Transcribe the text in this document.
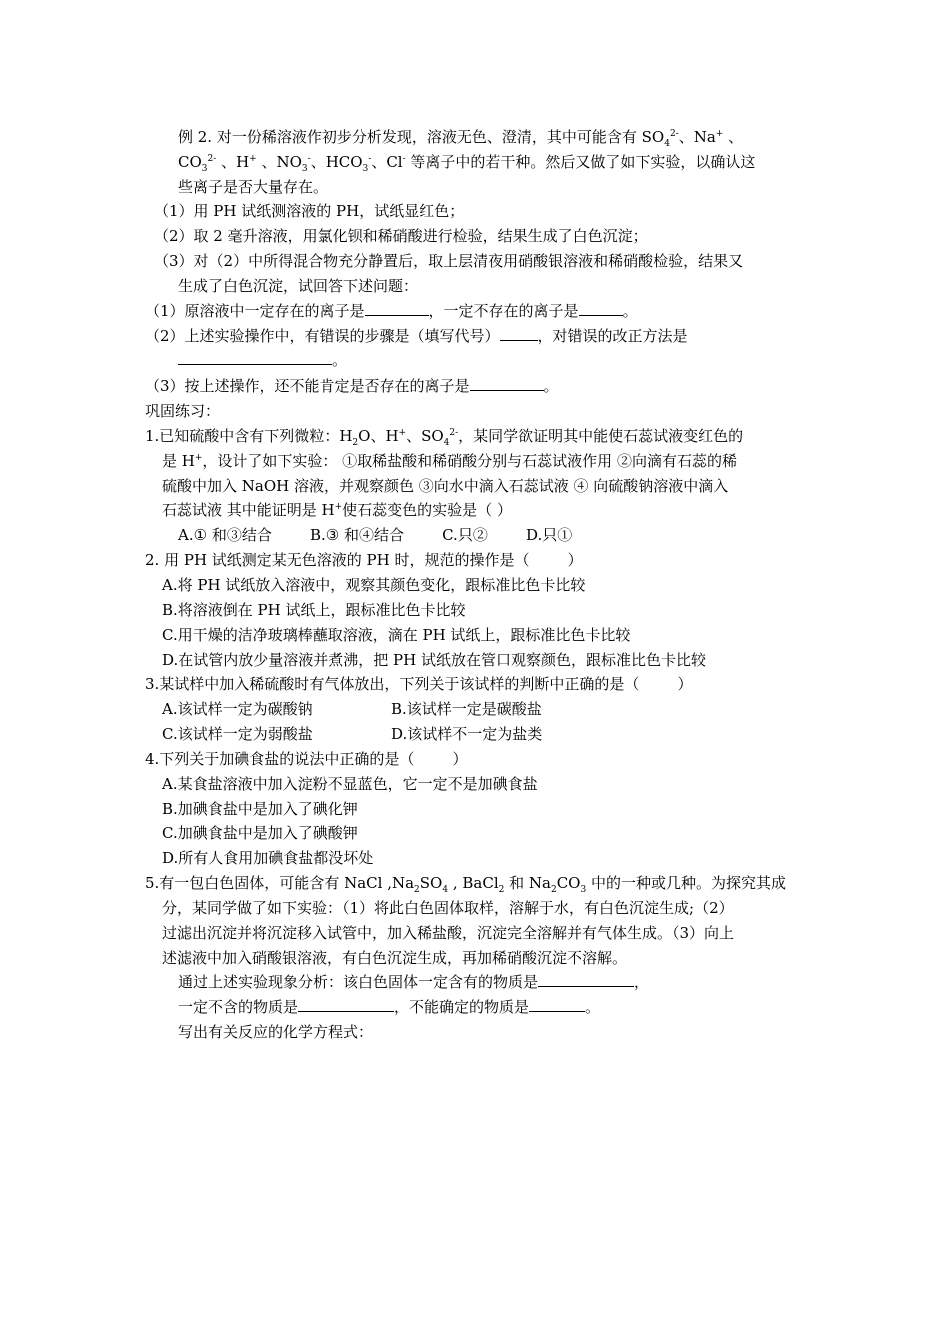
例 2. 对一份稀溶液作初步分析发现，溶液无色、澄清，其中可能含有 $SO_4^{2-}$、Na+ 、
$CO_3^{2-}$ 、H+ 、$NO_3^-$、$HCO_3^-$、Cl- 等离子中的若干种。然后又做了如下实验，以确认这
些离子是否大量存在。
（1）用 PH 试纸测溶液的 PH，试纸显红色；
（2）取 2 毫升溶液，用氯化钡和稀硝酸进行检验，结果生成了白色沉淀；
（3）对（2）中所得混合物充分静置后，取上层清夜用硝酸银溶液和稀硝酸检验，结果又
生成了白色沉淀，试回答下述问题：
（1）原溶液中一定存在的离子是	，一定不存在的离子是	。
（2）上述实验操作中，有错误的步骤是（填写代号）	，对错误的改正方法是
。
（3）按上述操作，还不能肯定是否存在的离子是	。
巩固练习：
1.已知硫酸中含有下列微粒：$H_2O$、H+、$SO_4^{2-}$，某同学欲证明其中能使石蕊试液变红色的
是 H+，设计了如下实验： ①取稀盐酸和稀硝酸分别与石蕊试液作用 ②向滴有石蕊的稀
硫酸中加入 NaOH 溶液，并观察颜色 ③向水中滴入石蕊试液 ④ 向硫酸钠溶液中滴入
石蕊试液 其中能证明是 H+使石蕊变色的实验是（ ）
A.① 和③结合        B.③ 和④结合        C.只②        D.只①
2. 用 PH 试纸测定某无色溶液的 PH 时，规范的操作是（        ）
A.将 PH 试纸放入溶液中，观察其颜色变化，跟标准比色卡比较
B.将溶液倒在 PH 试纸上，跟标准比色卡比较
C.用干燥的洁净玻璃棒蘸取溶液，滴在 PH 试纸上，跟标准比色卡比较
D.在试管内放少量溶液并煮沸，把 PH 试纸放在管口观察颜色，跟标准比色卡比较
3.某试样中加入稀硫酸时有气体放出，下列关于该试样的判断中正确的是（        ）
A.该试样一定为碳酸钠	B.该试样一定是碳酸盐
C.该试样一定为弱酸盐	D.该试样不一定为盐类
4.下列关于加碘食盐的说法中正确的是（        ）
A.某食盐溶液中加入淀粉不显蓝色，它一定不是加碘食盐
B.加碘食盐中是加入了碘化钾
C.加碘食盐中是加入了碘酸钾
D.所有人食用加碘食盐都没坏处
5.有一包白色固体，可能含有 NaCl $,Na_2SO_4$ , BaCl$_2$ 和 $Na_2CO_3$ 中的一种或几种。为探究其成
分，某同学做了如下实验：（1）将此白色固体取样，溶解于水，有白色沉淀生成;（2）
过滤出沉淀并将沉淀移入试管中，加入稀盐酸，沉淀完全溶解并有气体生成。（3）向上
述滤液中加入硝酸银溶液，有白色沉淀生成，再加稀硝酸沉淀不溶解。
通过上述实验现象分析：该白色固体一定含有的物质是	，
一定不含的物质是	，不能确定的物质是	。
写出有关反应的化学方程式：
